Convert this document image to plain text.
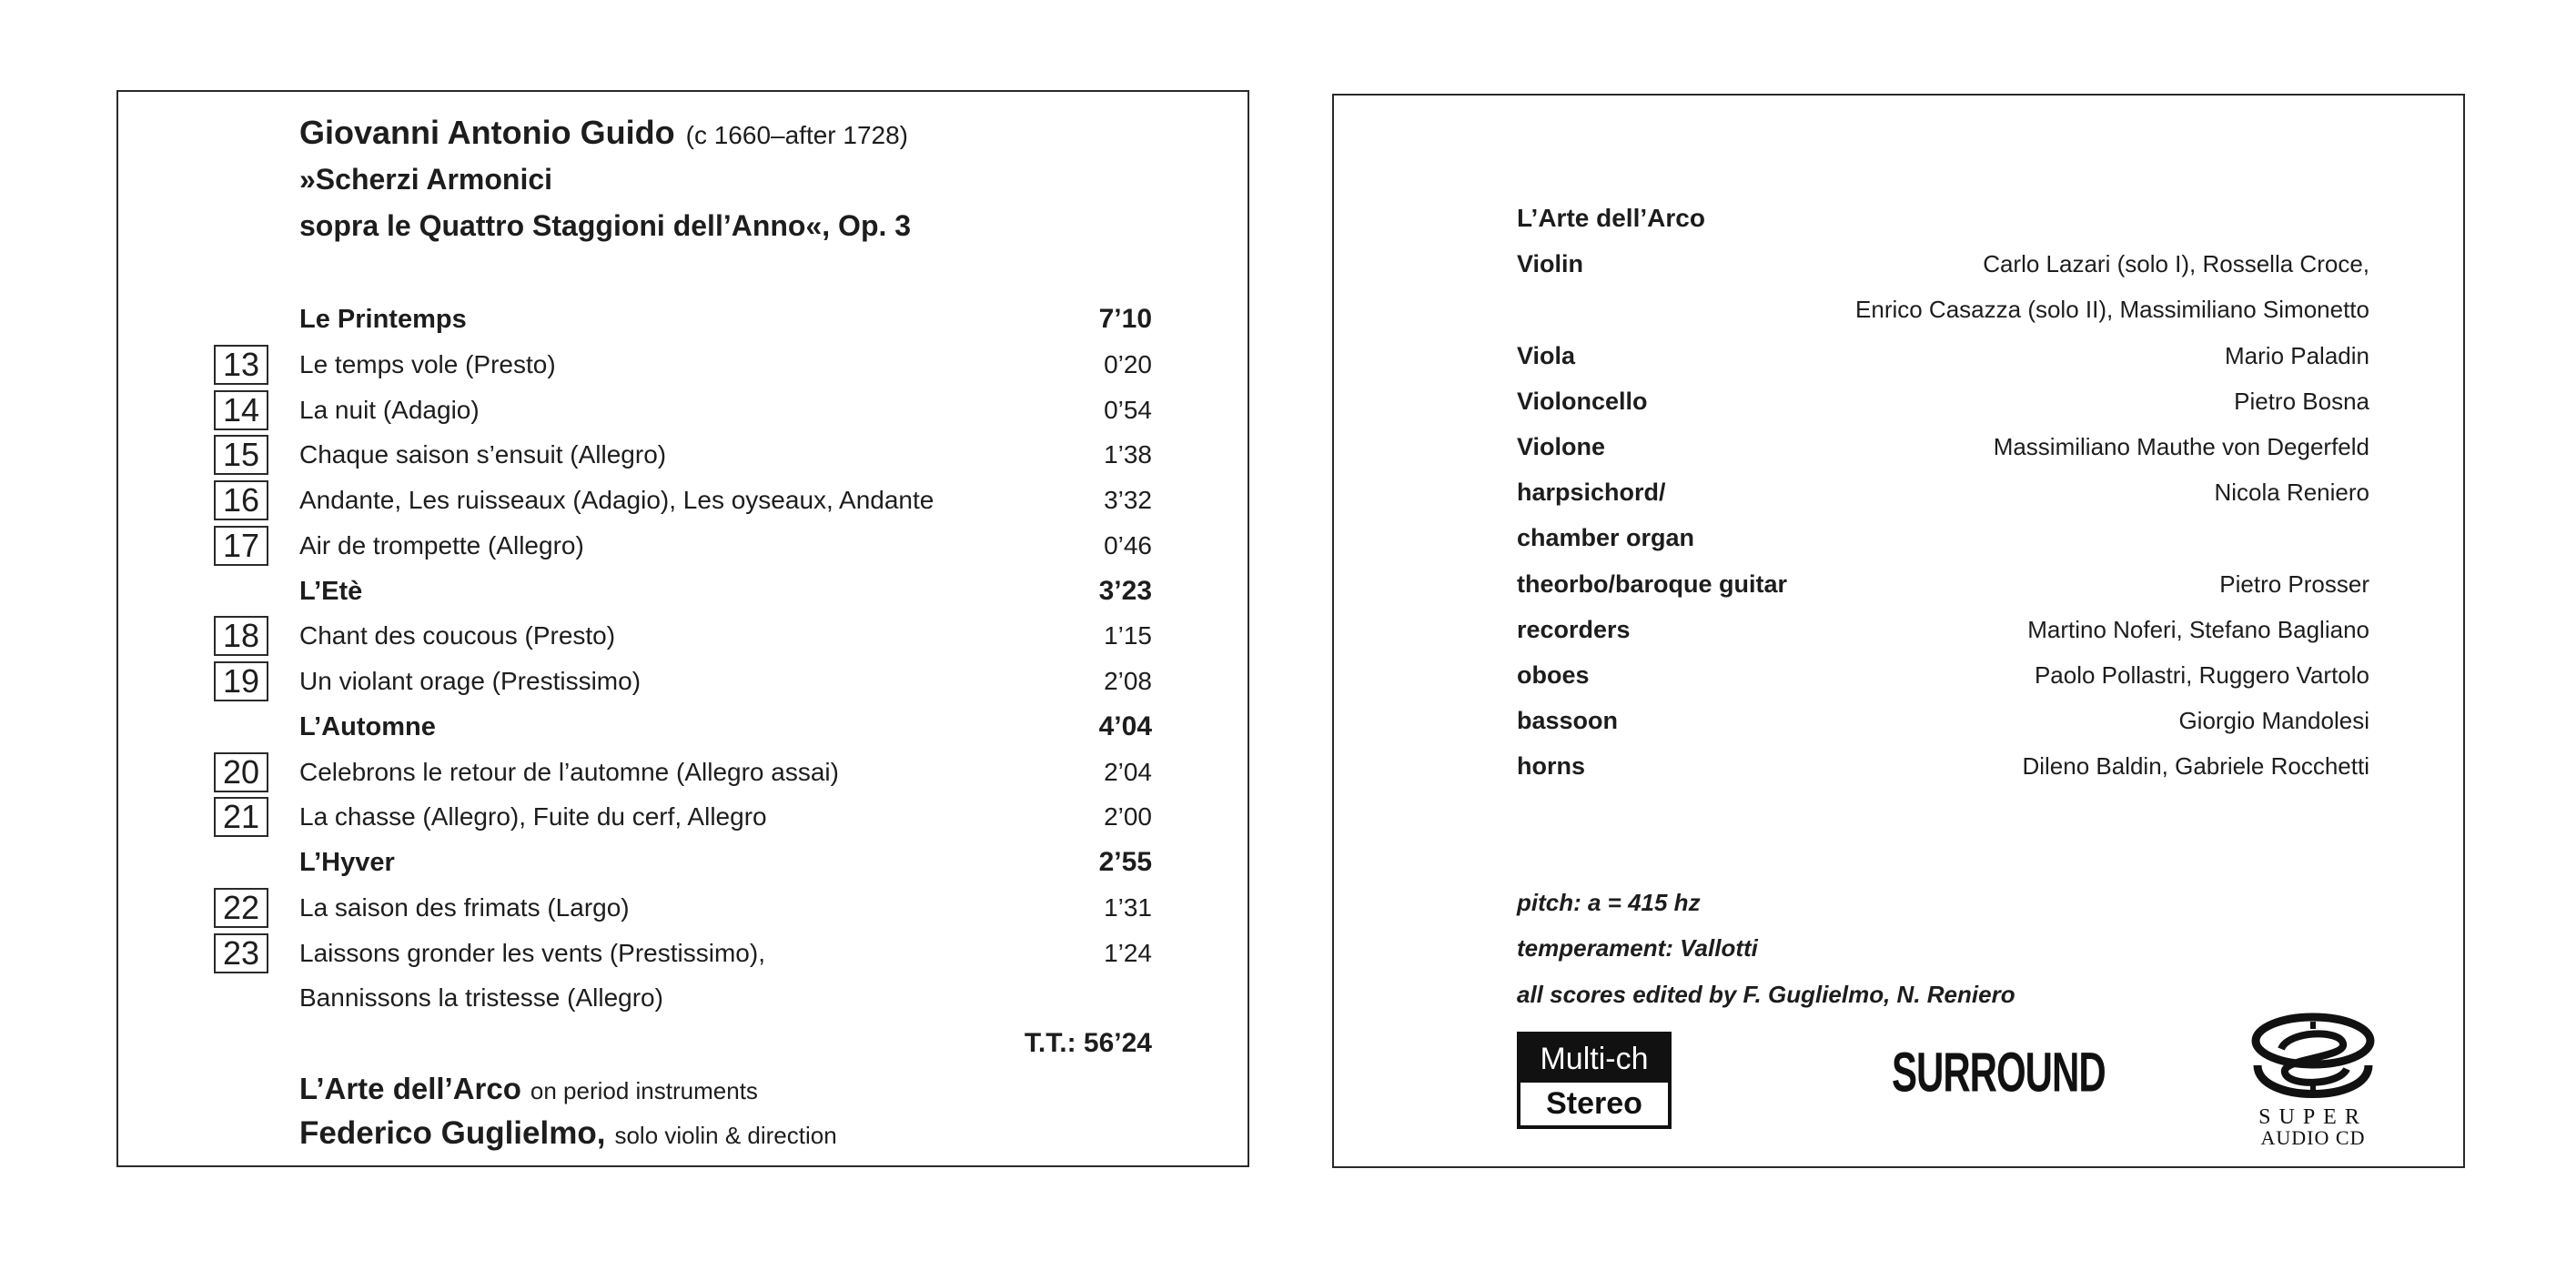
Giovanni Antonio Guido (c 1660–after 1728)
»Scherzi Armonici
sopra le Quattro Staggioni dell’Anno«, Op. 3
Le Printemps	7’10
13	Le temps vole (Presto)	0’20
14	La nuit (Adagio)	0’54
15	Chaque saison s’ensuit (Allegro)	1’38
16	Andante, Les ruisseaux (Adagio), Les oyseaux, Andante	3’32
17	Air de trompette (Allegro)	0’46
L’Etè	3’23
18	Chant des coucous (Presto)	1’15
19	Un violant orage (Prestissimo)	2’08
L’Automne	4’04
20	Celebrons le retour de l’automne (Allegro assai)	2’04
21	La chasse (Allegro), Fuite du cerf, Allegro	2’00
L’Hyver	2’55
22	La saison des frimats (Largo)	1’31
23	Laissons gronder les vents (Prestissimo),	1’24
Bannissons la tristesse (Allegro)
T.T.: 56’24
L’Arte dell’Arco on period instruments
Federico Guglielmo, solo violin & direction
L’Arte dell’Arco
Violin	Carlo Lazari (solo I), Rossella Croce,
Enrico Casazza (solo II), Massimiliano Simonetto
Viola	Mario Paladin
Violoncello	Pietro Bosna
Violone	Massimiliano Mauthe von Degerfeld
harpsichord/	Nicola Reniero
chamber organ
theorbo/baroque guitar	Pietro Prosser
recorders	Martino Noferi, Stefano Bagliano
oboes	Paolo Pollastri, Ruggero Vartolo
bassoon	Giorgio Mandolesi
horns	Dileno Baldin, Gabriele Rocchetti
pitch: a = 415 hz
temperament: Vallotti
all scores edited by F. Guglielmo, N. Reniero
Multi-ch
Stereo
SURROUND
SUPER
AUDIO CD
